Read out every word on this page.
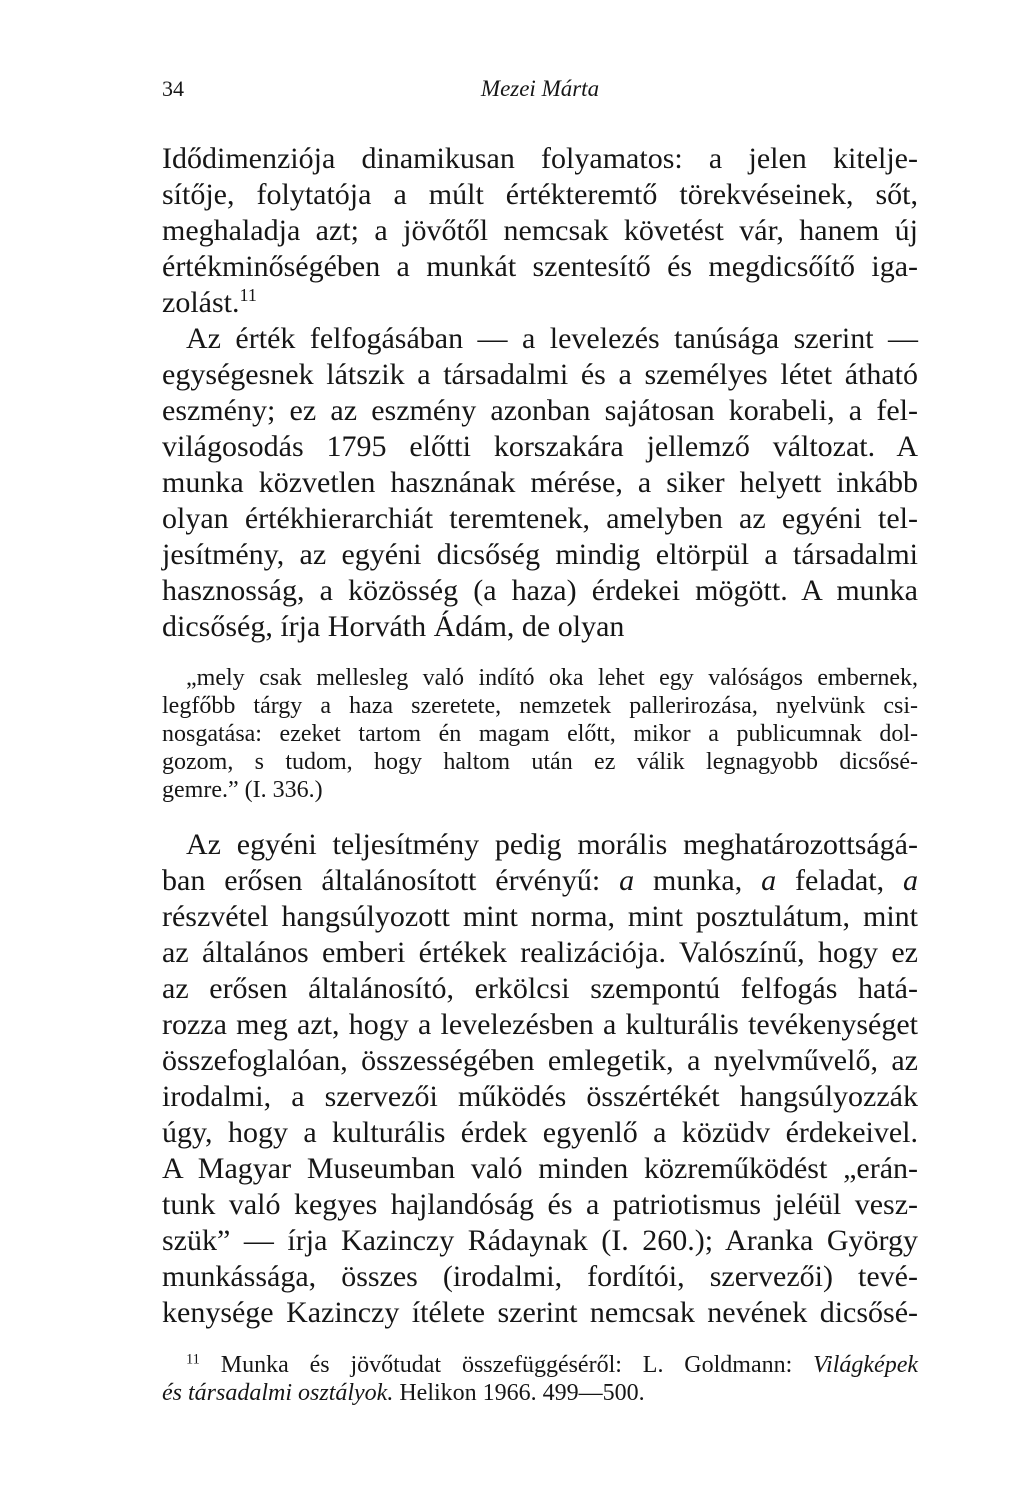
34	Mezei Márta
Idődimenziója dinamikusan folyamatos: a jelen kitelje-
sítője, folytatója a múlt értékteremtő törekvéseinek, sőt,
meghaladja azt; a jövőtől nemcsak követést vár, hanem új
értékminőségében a munkát szentesítő és megdicsőítő iga-
zolást.$^{11}$
Az érték felfogásában — a levelezés tanúsága szerint —
egységesnek látszik a társadalmi és a személyes létet átható
eszmény; ez az eszmény azonban sajátosan korabeli, a fel-
világosodás 1795 előtti korszakára jellemző változat. A
munka közvetlen hasznának mérése, a siker helyett inkább
olyan értékhierarchiát teremtenek, amelyben az egyéni tel-
jesítmény, az egyéni dicsőség mindig eltörpül a társadalmi
hasznosság, a közösség (a haza) érdekei mögött. A munka
dicsőség, írja Horváth Ádám, de olyan
„mely csak mellesleg való indító oka lehet egy valóságos embernek,
legfőbb tárgy a haza szeretete, nemzetek pallerirozása, nyelvünk csi-
nosgatása: ezeket tartom én magam előtt, mikor a publicumnak dol-
gozom, s tudom, hogy haltom után ez válik legnagyobb dicsősé-
gemre.” (I. 336.)
Az egyéni teljesítmény pedig morális meghatározottságá-
ban erősen általánosított érvényű: a munka, a feladat, a
részvétel hangsúlyozott mint norma, mint posztulátum, mint
az általános emberi értékek realizációja. Valószínű, hogy ez
az erősen általánosító, erkölcsi szempontú felfogás hatá-
rozza meg azt, hogy a levelezésben a kulturális tevékenységet
összefoglalóan, összességében emlegetik, a nyelvművelő, az
irodalmi, a szervezői működés összértékét hangsúlyozzák
úgy, hogy a kulturális érdek egyenlő a közüdv érdekeivel.
A Magyar Museumban való minden közreműködést „erán-
tunk való kegyes hajlandóság és a patriotismus jeléül vesz-
szük” — írja Kazinczy Rádaynak (I. 260.); Aranka György
munkássága, összes (irodalmi, fordítói, szervezői) tevé-
kenysége Kazinczy ítélete szerint nemcsak nevének dicsősé-
$^{11}$ Munka és jövőtudat összefüggéséről: L. Goldmann: Világképek
és társadalmi osztályok. Helikon 1966. 499—500.
